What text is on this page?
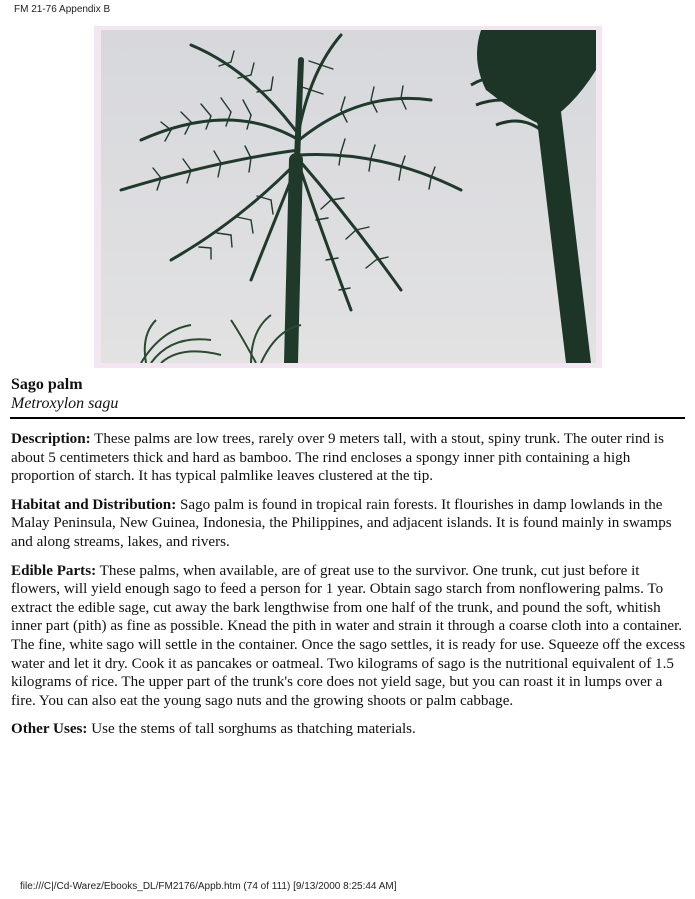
FM 21-76 Appendix B
Sago palm
Metroxylon sagu

Description: These palms are low trees, rarely over 9 meters tall, with a stout, spiny trunk. The outer rind is about 5 centimeters thick and hard as bamboo. The rind encloses a spongy inner pith containing a high proportion of starch. It has typical palmlike leaves clustered at the tip.

Habitat and Distribution: Sago palm is found in tropical rain forests. It flourishes in damp lowlands in the Malay Peninsula, New Guinea, Indonesia, the Philippines, and adjacent islands. It is found mainly in swamps and along streams, lakes, and rivers.

Edible Parts: These palms, when available, are of great use to the survivor. One trunk, cut just before it flowers, will yield enough sago to feed a person for 1 year. Obtain sago starch from nonflowering palms. To extract the edible sage, cut away the bark lengthwise from one half of the trunk, and pound the soft, whitish inner part (pith) as fine as possible. Knead the pith in water and strain it through a coarse cloth into a container. The fine, white sago will settle in the container. Once the sago settles, it is ready for use. Squeeze off the excess water and let it dry. Cook it as pancakes or oatmeal. Two kilograms of sago is the nutritional equivalent of 1.5 kilograms of rice. The upper part of the trunk's core does not yield sage, but you can roast it in lumps over a fire. You can also eat the young sago nuts and the growing shoots or palm cabbage.

Other Uses: Use the stems of tall sorghums as thatching materials.

file:///C|/Cd-Warez/Ebooks_DL/FM2176/Appb.htm (74 of 111) [9/13/2000 8:25:44 AM]
